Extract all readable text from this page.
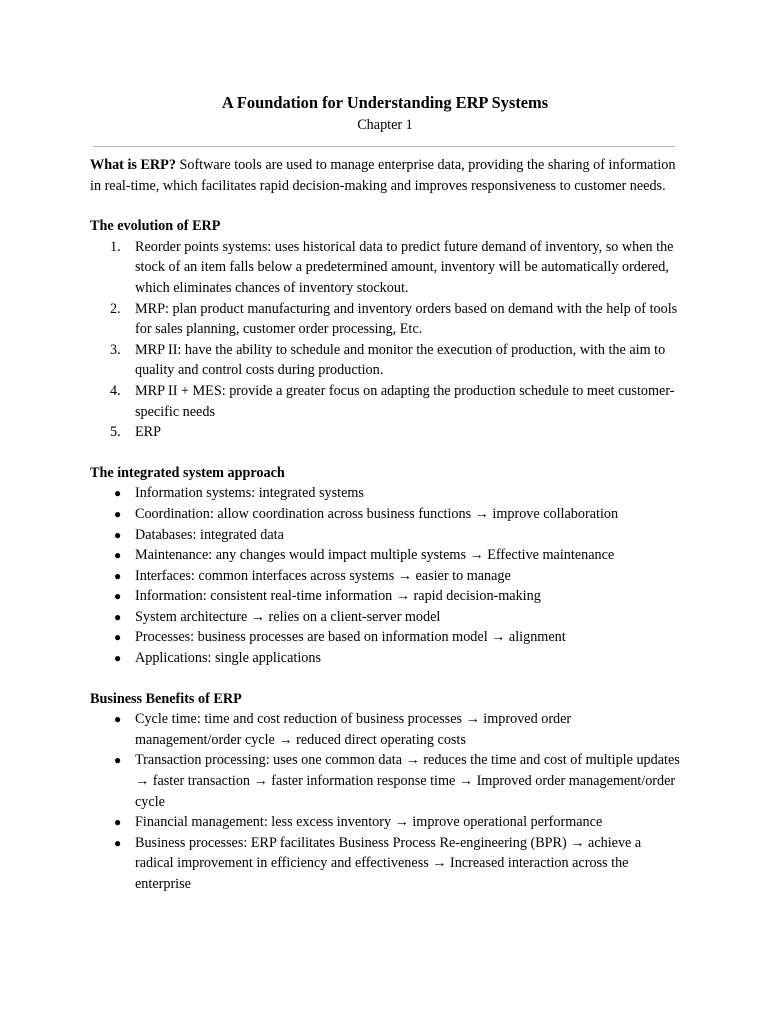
A Foundation for Understanding ERP Systems
Chapter 1

What is ERP? Software tools are used to manage enterprise data, providing the sharing of information in real-time, which facilitates rapid decision-making and improves responsiveness to customer needs.

The evolution of ERP
1. Reorder points systems: uses historical data to predict future demand of inventory, so when the stock of an item falls below a predetermined amount, inventory will be automatically ordered, which eliminates chances of inventory stockout.
2. MRP: plan product manufacturing and inventory orders based on demand with the help of tools for sales planning, customer order processing, Etc.
3. MRP II: have the ability to schedule and monitor the execution of production, with the aim to quality and control costs during production.
4. MRP II + MES: provide a greater focus on adapting the production schedule to meet customer-specific needs
5. ERP
The integrated system approach
● Information systems: integrated systems
● Coordination: allow coordination across business functions → improve collaboration
● Databases: integrated data
● Maintenance: any changes would impact multiple systems → Effective maintenance
● Interfaces: common interfaces across systems → easier to manage
● Information: consistent real-time information → rapid decision-making
● System architecture → relies on a client-server model
● Processes: business processes are based on information model → alignment
● Applications: single applications
Business Benefits of ERP
● Cycle time: time and cost reduction of business processes → improved order management/order cycle → reduced direct operating costs
● Transaction processing: uses one common data → reduces the time and cost of multiple updates → faster transaction → faster information response time → Improved order management/order cycle
● Financial management: less excess inventory → improve operational performance
● Business processes: ERP facilitates Business Process Re-engineering (BPR) → achieve a radical improvement in efficiency and effectiveness → Increased interaction across the enterprise
